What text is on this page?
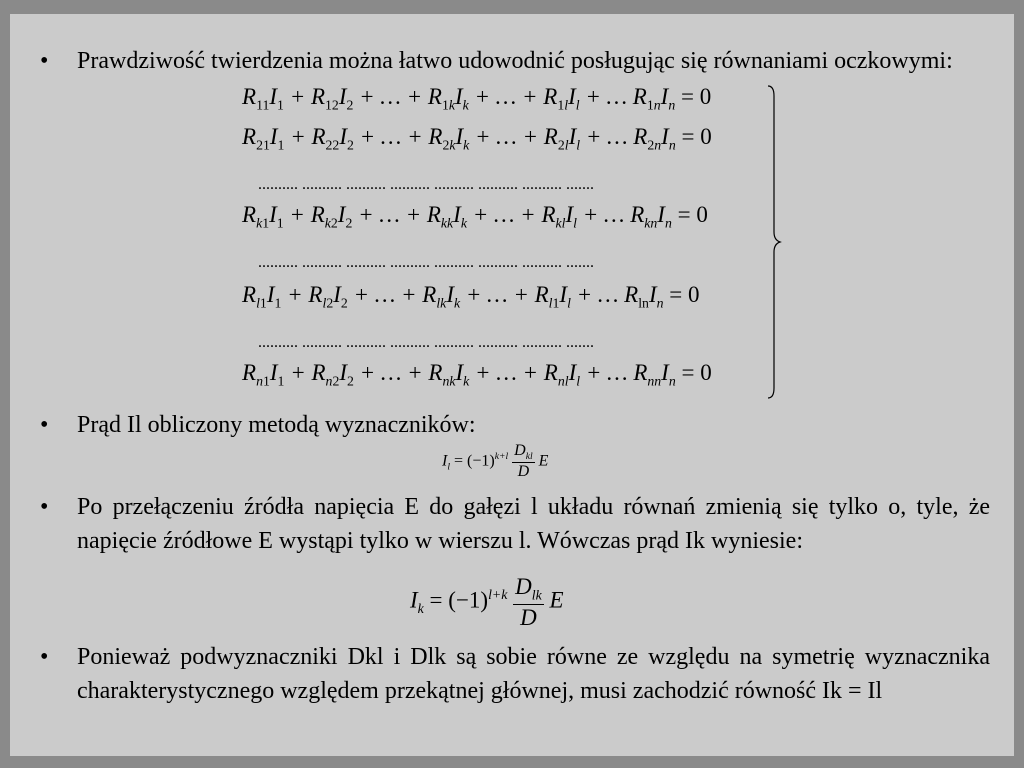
•	Prawdziwość twierdzenia można łatwo udowodnić posługując się równaniami oczkowymi:
$R_{11}I_1 + R_{12}I_2$ + … + $R_{1k}I_k$ + … + $R_{1l}I_l$ + … $R_{1n}I_n = 0$
$R_{21}I_1 + R_{22}I_2$ + … + $R_{2k}I_k$ + … + $R_{2l}I_l$ + … $R_{2n}I_n = 0$
.......... .......... .......... .......... .......... .......... .......... .......
$R_{k1}I_1 + R_{k2}I_2$ + … + $R_{kk}I_k$ + … + $R_{kl}I_l$ + … $R_{kn}I_n = 0$
.......... .......... .......... .......... .......... .......... .......... .......
$R_{l1}I_1 + R_{l2}I_2$ + … + $R_{lk}I_k$ + … + $R_{l1}I_l$ + … $R_{ln}I_n = 0$
.......... .......... .......... .......... .......... .......... .......... .......
$R_{n1}I_1 + R_{n2}I_2$ + … + $R_{nk}I_k$ + … + $R_{nl}I_l$ + … $R_{nn}I_n = 0$
•	Prąd Il obliczony metodą wyznaczników:
$I_l = (-1)^{k+l} \frac{D_{kl}}{D}$ E
•	Po przełączeniu źródła napięcia E do gałęzi l układu równań zmienią się tylko o, tyle, że napięcie źródłowe E wystąpi tylko w wierszu l. Wówczas prąd Ik wyniesie:
$I_k = (-1)^{l+k} \frac{D_{lk}}{D}$ E
•	Ponieważ podwyznaczniki Dkl i Dlk są sobie równe ze względu na symetrię wyznacznika charakterystycznego względem przekątnej głównej, musi zachodzić równość Ik = Il
